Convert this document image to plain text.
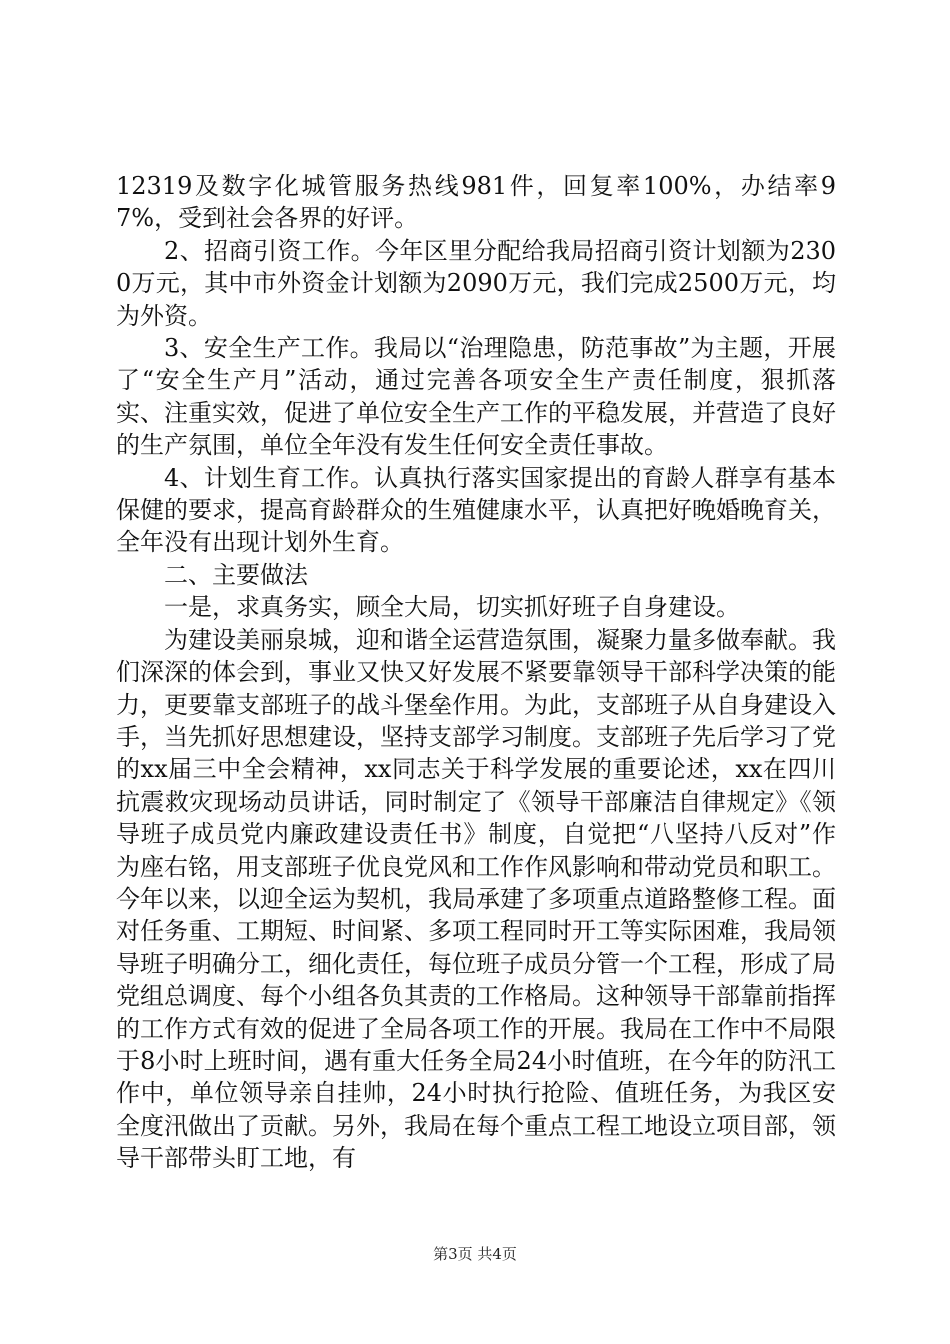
12319及数字化城管服务热线981件，回复率100%，办结率97%，受到社会各界的好评。

2、招商引资工作。今年区里分配给我局招商引资计划额为2300万元，其中市外资金计划额为2090万元，我们完成2500万元，均为外资。

3、安全生产工作。我局以“治理隐患，防范事故”为主题，开展了“安全生产月”活动，通过完善各项安全生产责任制度，狠抓落实、注重实效，促进了单位安全生产工作的平稳发展，并营造了良好的生产氛围，单位全年没有发生任何安全责任事故。

4、计划生育工作。认真执行落实国家提出的育龄人群享有基本保健的要求，提高育龄群众的生殖健康水平，认真把好晚婚晚育关，全年没有出现计划外生育。

二、主要做法

一是，求真务实，顾全大局，切实抓好班子自身建设。

为建设美丽泉城，迎和谐全运营造氛围，凝聚力量多做奉献。我们深深的体会到，事业又快又好发展不紧要靠领导干部科学决策的能力，更要靠支部班子的战斗堡垒作用。为此，支部班子从自身建设入手，当先抓好思想建设，坚持支部学习制度。支部班子先后学习了党的xx届三中全会精神，xx同志关于科学发展的重要论述，xx在四川抗震救灾现场动员讲话，同时制定了《领导干部廉洁自律规定》《领导班子成员党内廉政建设责任书》制度，自觉把“八坚持八反对”作为座右铭，用支部班子优良党风和工作作风影响和带动党员和职工。今年以来，以迎全运为契机，我局承建了多项重点道路整修工程。面对任务重、工期短、时间紧、多项工程同时开工等实际困难，我局领导班子明确分工，细化责任，每位班子成员分管一个工程，形成了局党组总调度、每个小组各负其责的工作格局。这种领导干部靠前指挥的工作方式有效的促进了全局各项工作的开展。我局在工作中不局限于8小时上班时间，遇有重大任务全局24小时值班，在今年的防汛工作中，单位领导亲自挂帅，24小时执行抢险、值班任务，为我区安全度汛做出了贡献。另外，我局在每个重点工程工地设立项目部，领导干部带头盯工地，有

第3页 共4页
